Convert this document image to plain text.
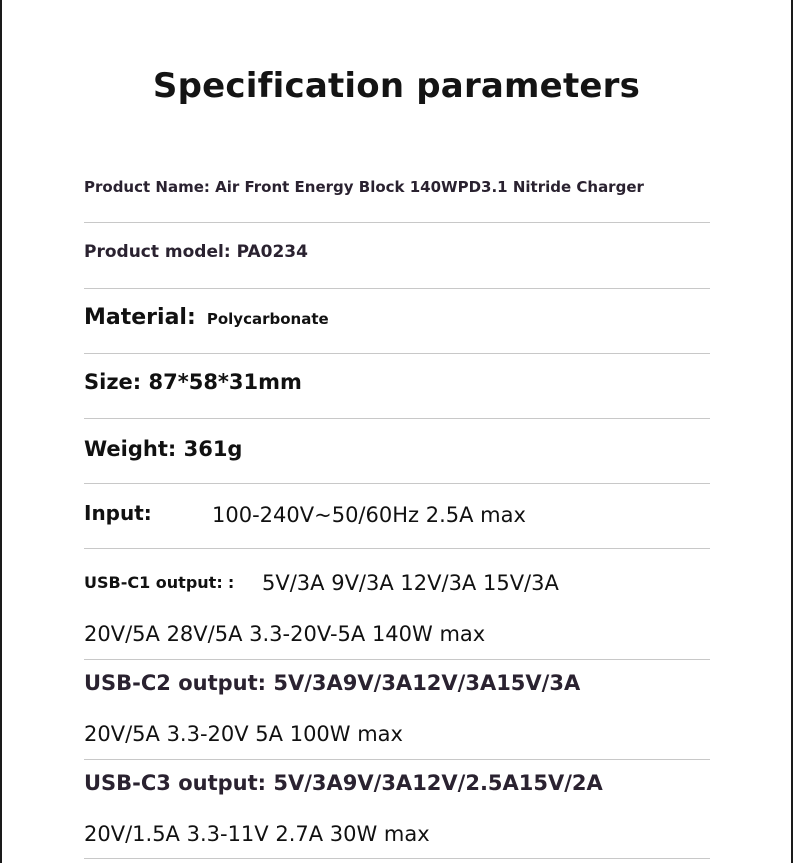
Specification parameters
Product Name: Air Front Energy Block 140WPD3.1 Nitride Charger
Product model: PA0234
Material: Polycarbonate
Size: 87*58*31mm
Weight: 361g
Input:	100-240V~50/60Hz 2.5A max
USB-C1 output: : 5V/3A 9V/3A 12V/3A 15V/3A
20V/5A 28V/5A 3.3-20V-5A 140W max
USB-C2 output: 5V/3A9V/3A12V/3A15V/3A
20V/5A 3.3-20V 5A 100W max
USB-C3 output: 5V/3A9V/3A12V/2.5A15V/2A
20V/1.5A 3.3-11V 2.7A 30W max
